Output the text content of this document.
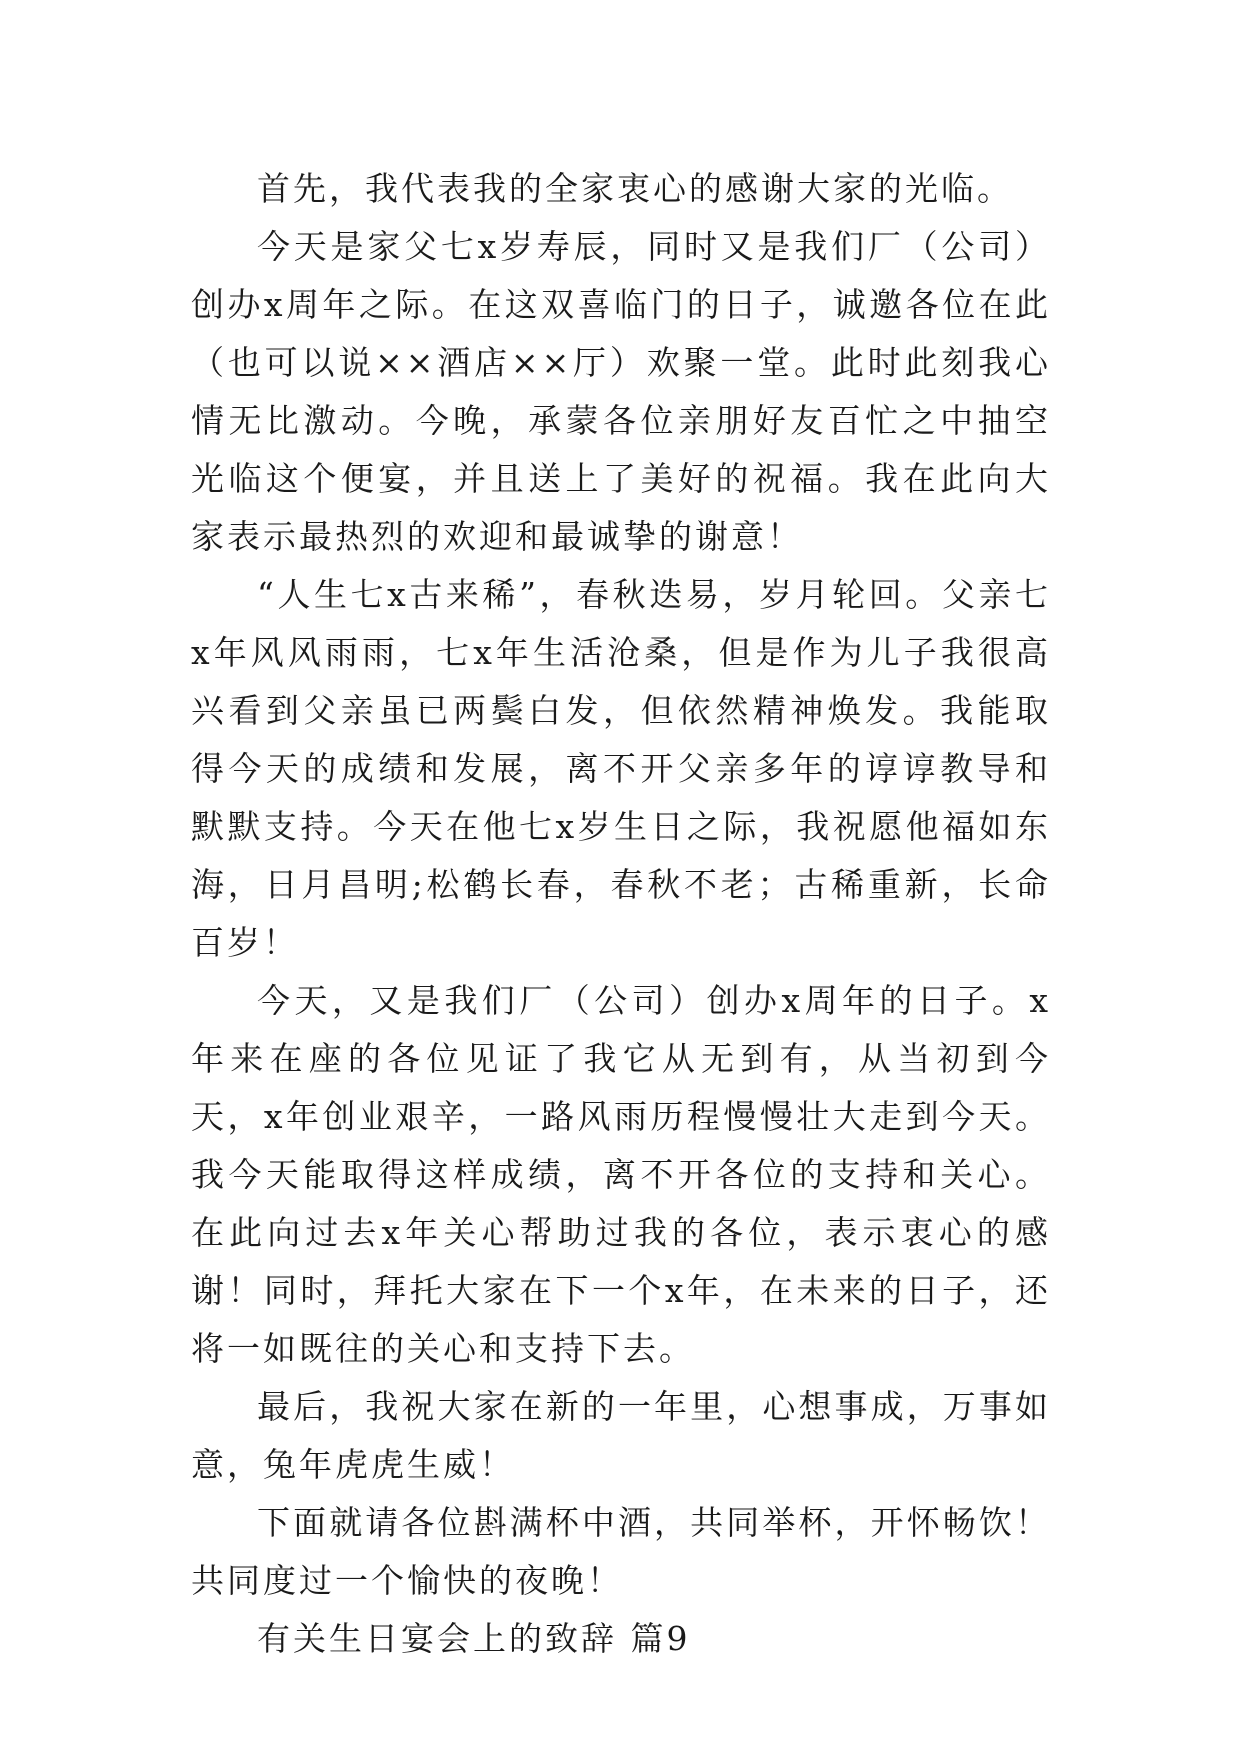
首先，我代表我的全家衷心的感谢大家的光临。

今天是家父七x岁寿辰，同时又是我们厂（公司）创办x周年之际。在这双喜临门的日子，诚邀各位在此（也可以说××酒店××厅）欢聚一堂。此时此刻我心情无比激动。今晚，承蒙各位亲朋好友百忙之中抽空光临这个便宴，并且送上了美好的祝福。我在此向大家表示最热烈的欢迎和最诚挚的谢意！

“人生七x古来稀”，春秋迭易，岁月轮回。父亲七x年风风雨雨，七x年生活沧桑，但是作为儿子我很高兴看到父亲虽已两鬓白发，但依然精神焕发。我能取得今天的成绩和发展，离不开父亲多年的谆谆教导和默默支持。今天在他七x岁生日之际，我祝愿他福如东海，日月昌明;松鹤长春，春秋不老；古稀重新，长命百岁！

今天，又是我们厂（公司）创办x周年的日子。x年来在座的各位见证了我它从无到有，从当初到今天，x年创业艰辛，一路风雨历程慢慢壮大走到今天。我今天能取得这样成绩，离不开各位的支持和关心。在此向过去x年关心帮助过我的各位，表示衷心的感谢！同时，拜托大家在下一个x年，在未来的日子，还将一如既往的关心和支持下去。

最后，我祝大家在新的一年里，心想事成，万事如意，兔年虎虎生威！

下面就请各位斟满杯中酒，共同举杯，开怀畅饮！共同度过一个愉快的夜晚！

有关生日宴会上的致辞 篇9
